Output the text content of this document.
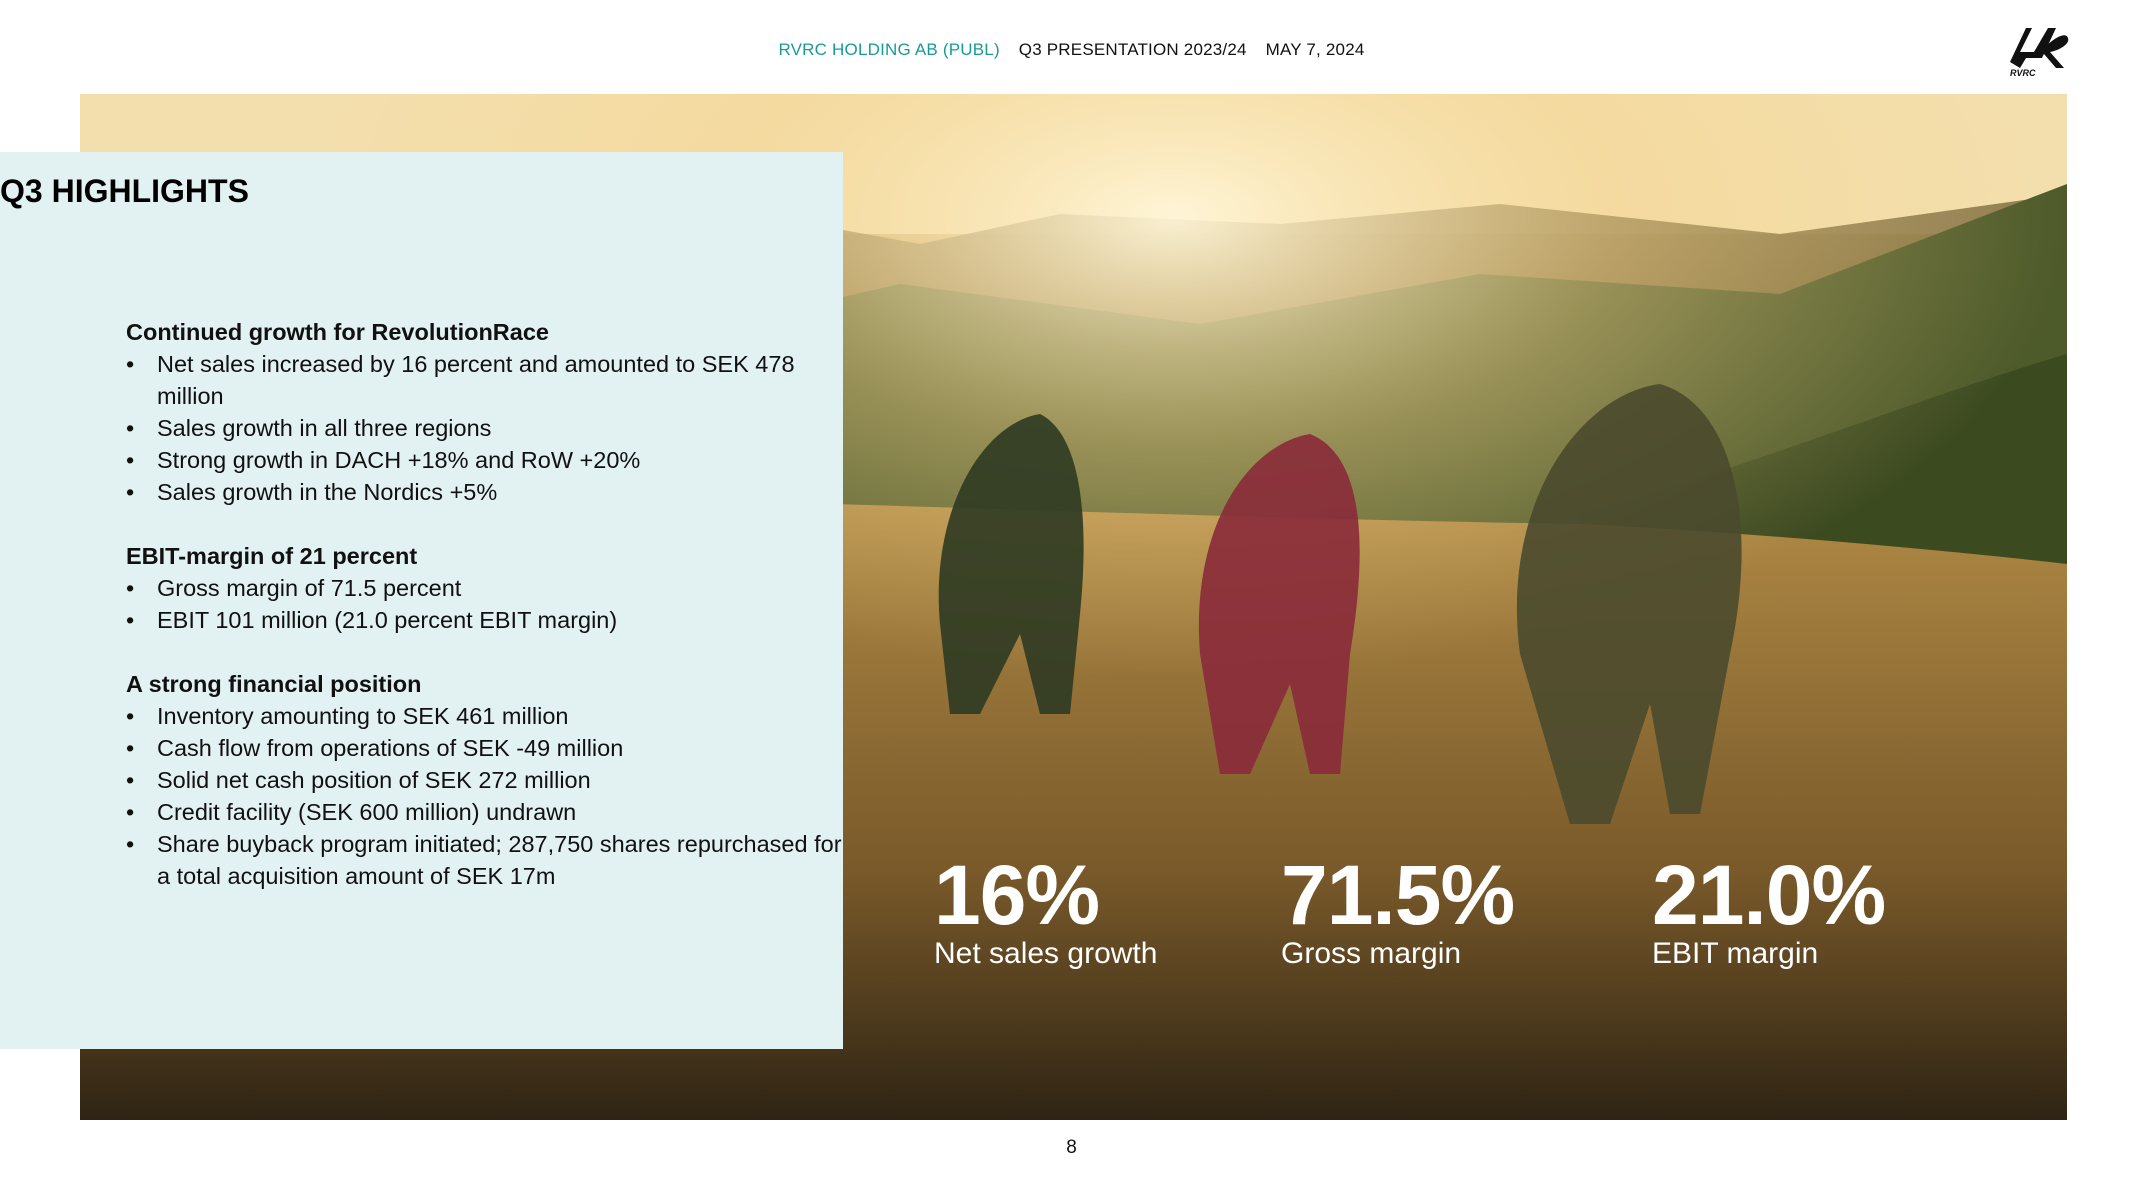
RVRC HOLDING AB (PUBL) Q3 PRESENTATION 2023/24 MAY 7, 2024
RVRC
Q3 HIGHLIGHTS
Continued growth for RevolutionRace
• Net sales increased by 16 percent and amounted to SEK 478 million
• Sales growth in all three regions
• Strong growth in DACH +18% and RoW +20%
• Sales growth in the Nordics +5%
EBIT-margin of 21 percent
• Gross margin of 71.5 percent
• EBIT 101 million (21.0 percent EBIT margin)
A strong financial position
• Inventory amounting to SEK 461 million
• Cash flow from operations of SEK -49 million
• Solid net cash position of SEK 272 million
• Credit facility (SEK 600 million) undrawn
• Share buyback program initiated; 287,750 shares repurchased for a total acquisition amount of SEK 17m	16%
Net sales growth
71.5%
Gross margin
21.0%
EBIT margin
8
